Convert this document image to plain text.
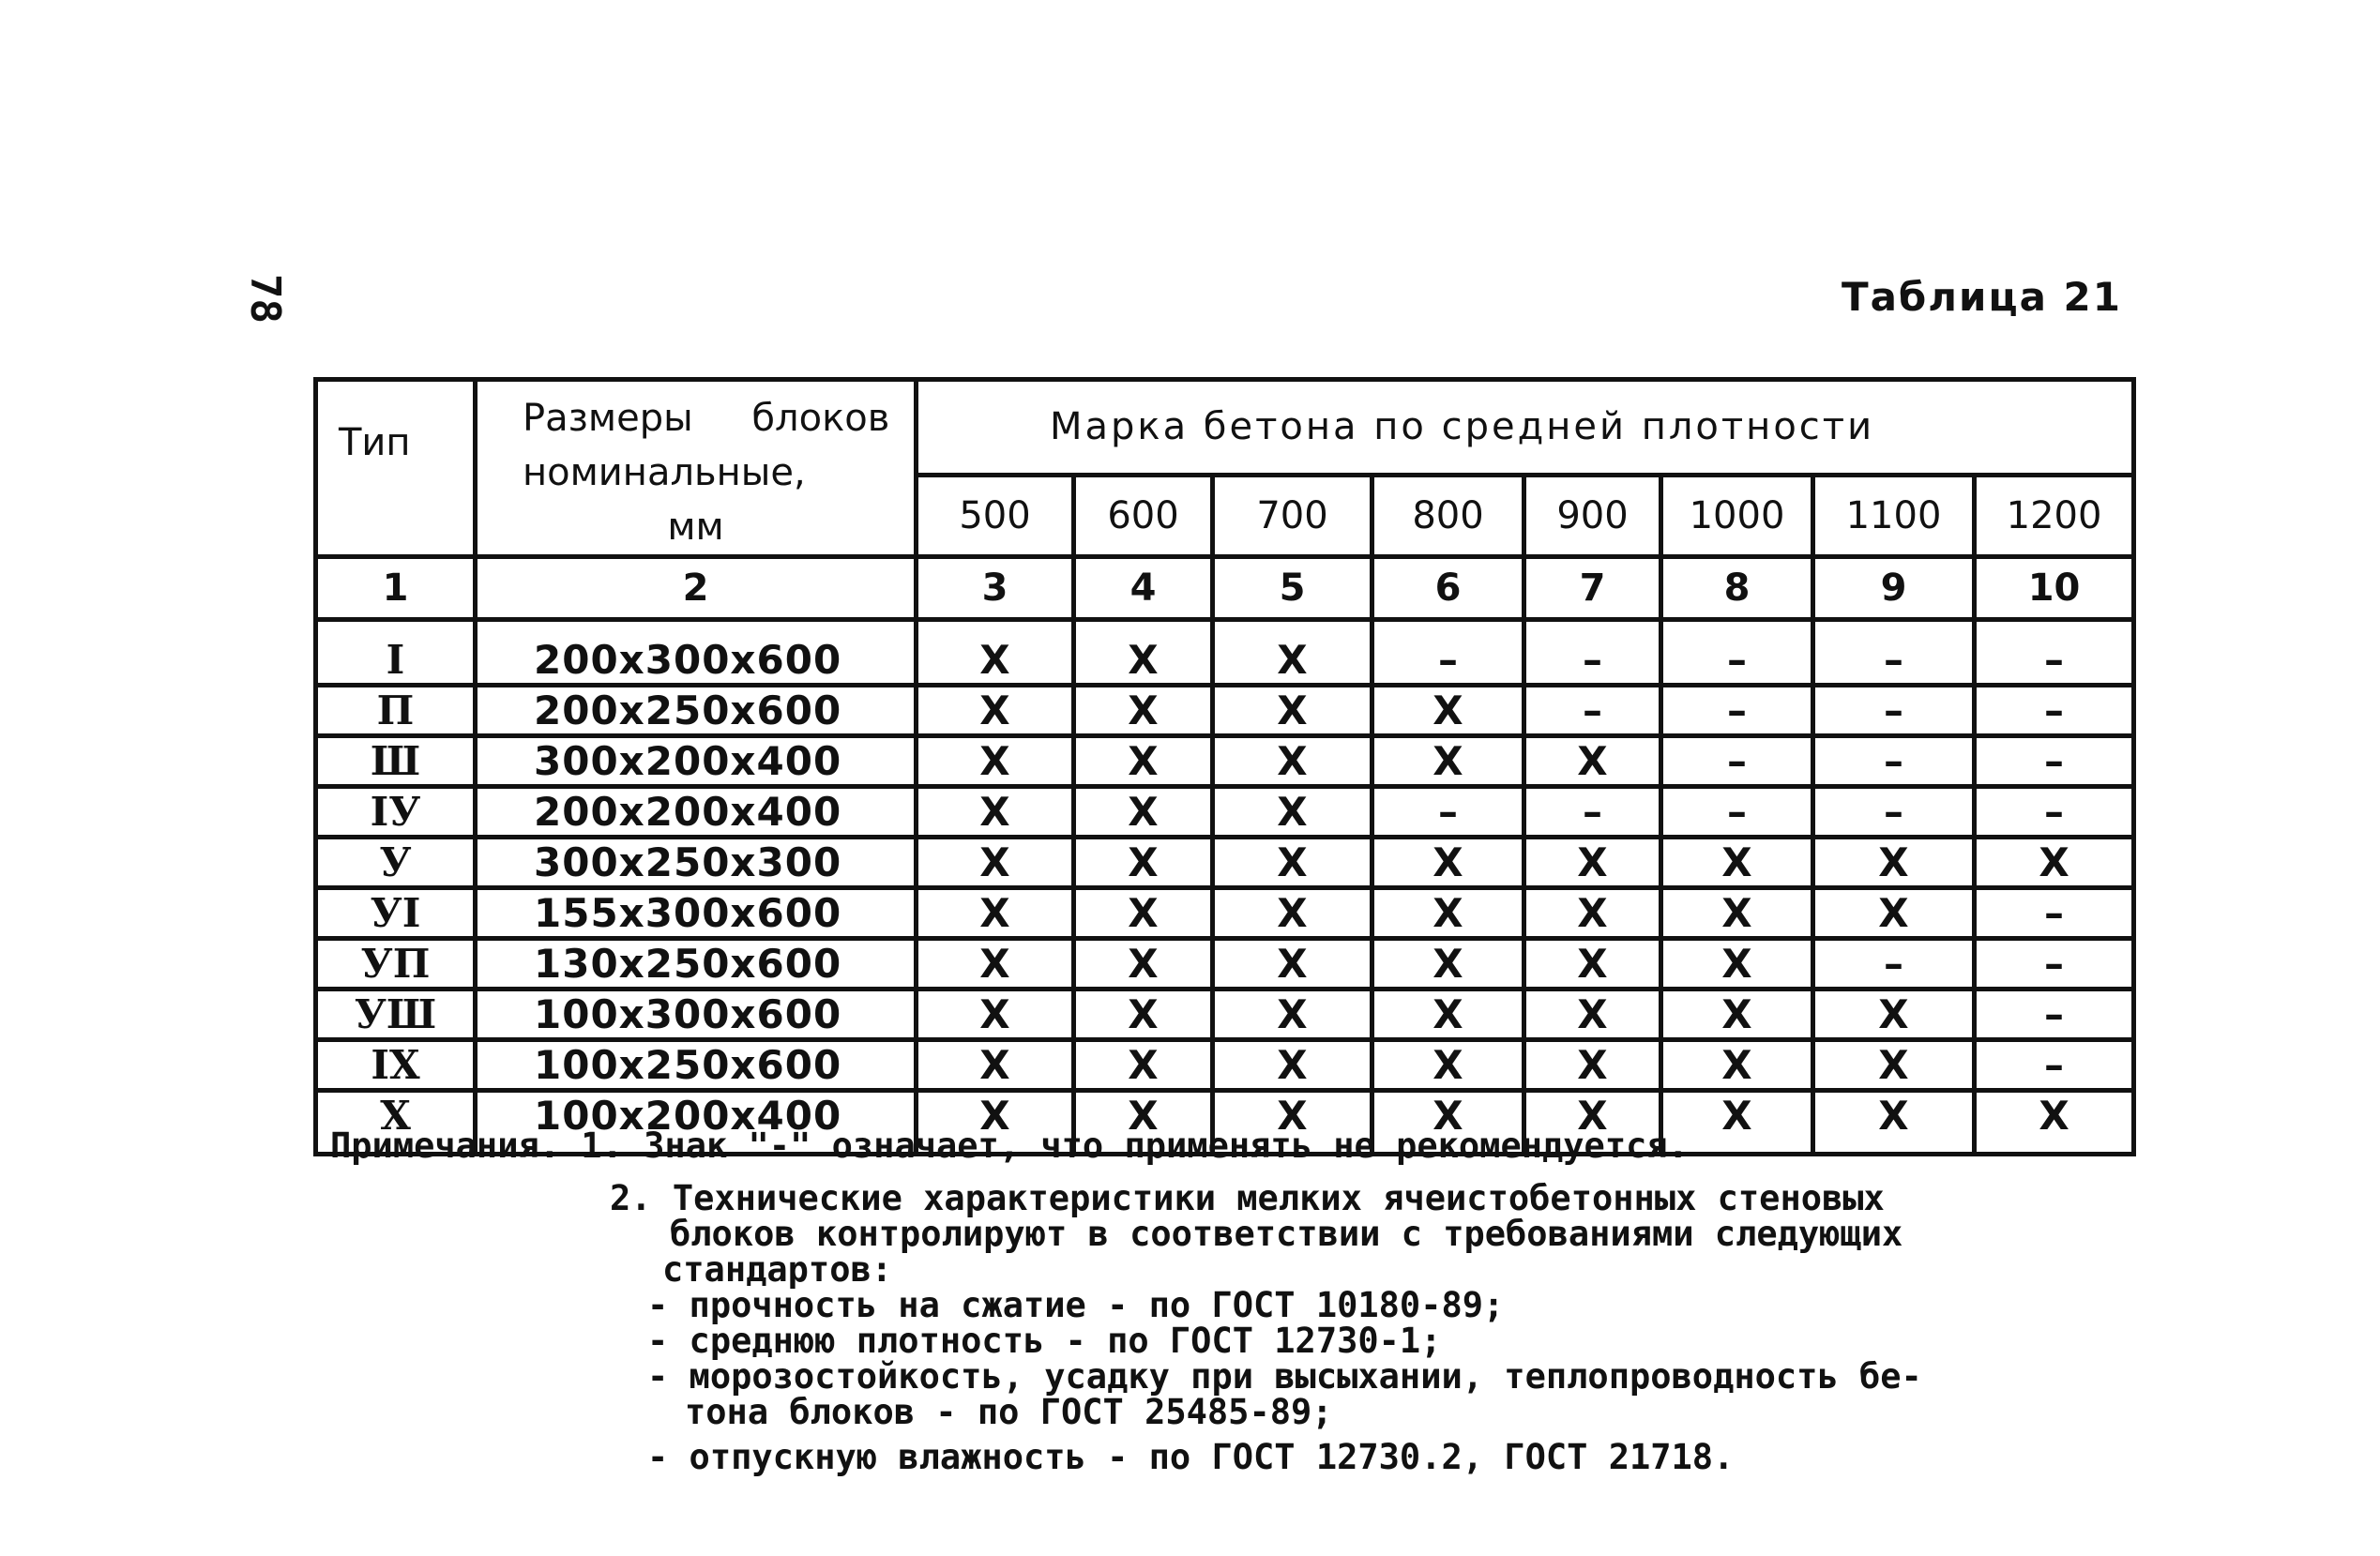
78	Таблица 21
Тип	Размеры блоков
номинальные,
мм	Марка бетона по средней плотности							
		500	600	700	800	900	1000	1100	1200
1	2	3	4	5	6	7	8	9	10
I	200x300x600	X	X	X	–	–	–	–	–
П	200x250x600	X	X	X	X	–	–	–	–
Ш	300x200x400	X	X	X	X	X	–	–	–
IУ	200x200x400	X	X	X	–	–	–	–	–
У	300x250x300	X	X	X	X	X	X	X	X
УI	155x300x600	X	X	X	X	X	X	X	–
УП	130x250x600	X	X	X	X	X	X	–	–
УШ	100x300x600	X	X	X	X	X	X	X	–
IX	100x250x600	X	X	X	X	X	X	X	–
X	100x200x400	X	X	X	X	X	X	X	X
Примечания. 1. Знак "-" означает, что применять не рекомендуется.
2. Технические характеристики мелких ячеистобетонных стеновых
блоков контролируют в соответствии с требованиями следующих
стандартов:
- прочность на сжатие - по ГОСТ 10180-89;
- среднюю плотность - по ГОСТ 12730-1;
- морозостойкость, усадку при высыхании, теплопроводность бе-
тона блоков - по ГОСТ 25485-89;
- отпускную влажность - по ГОСТ 12730.2, ГОСТ 21718.
